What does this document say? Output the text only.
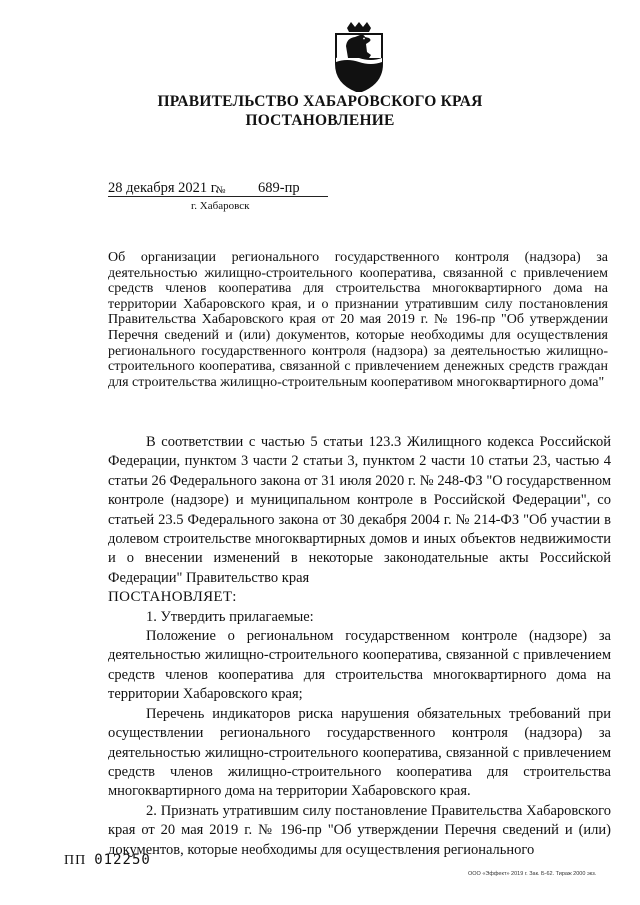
ПРАВИТЕЛЬСТВО ХАБАРОВСКОГО КРАЯ
ПОСТАНОВЛЕНИЕ
28 декабря 2021 г.
№ 689-пр
г. Хабаровск
Об организации регионального государственного контроля (надзора) за деятельностью жилищно-строительного кооператива, связанной с привлечением средств членов кооператива для строительства многоквартирного дома на территории Хабаровского края, и о признании утратившим силу постановления Правительства Хабаровского края от 20 мая 2019 г. № 196-пр "Об утверждении Перечня сведений и (или) документов, которые необходимы для осуществления регионального государственного контроля (надзора) за деятельностью жилищно-строительного кооператива, связанной с привлечением денежных средств граждан для строительства жилищно-строительным кооперативом многоквартирного дома"

В соответствии с частью 5 статьи 123.3 Жилищного кодекса Российской Федерации, пунктом 3 части 2 статьи 3, пунктом 2 части 10 статьи 23, частью 4 статьи 26 Федерального закона от 31 июля 2020 г. № 248-ФЗ "О государственном контроле (надзоре) и муниципальном контроле в Российской Федерации", со статьей 23.5 Федерального закона от 30 декабря 2004 г. № 214-ФЗ "Об участии в долевом строительстве многоквартирных домов и иных объектов недвижимости и о внесении изменений в некоторые законодательные акты Российской Федерации" Правительство края

ПОСТАНОВЛЯЕТ:

1. Утвердить прилагаемые:

Положение о региональном государственном контроле (надзоре) за деятельностью жилищно-строительного кооператива, связанной с привлечением средств членов кооператива для строительства многоквартирного дома на территории Хабаровского края;

Перечень индикаторов риска нарушения обязательных требований при осуществлении регионального государственного контроля (надзора) за деятельностью жилищно-строительного кооператива, связанной с привлечением средств членов жилищно-строительного кооператива для строительства многоквартирного дома на территории Хабаровского края.

2. Признать утратившим силу постановление Правительства Хабаровского края от 20 мая 2019 г. № 196-пр "Об утверждении Перечня сведений и (или) документов, которые необходимы для осуществления регионального

ПП 012250
ООО «Эффект» 2019 г. Зак. Б-62. Тираж 2000 экз.
